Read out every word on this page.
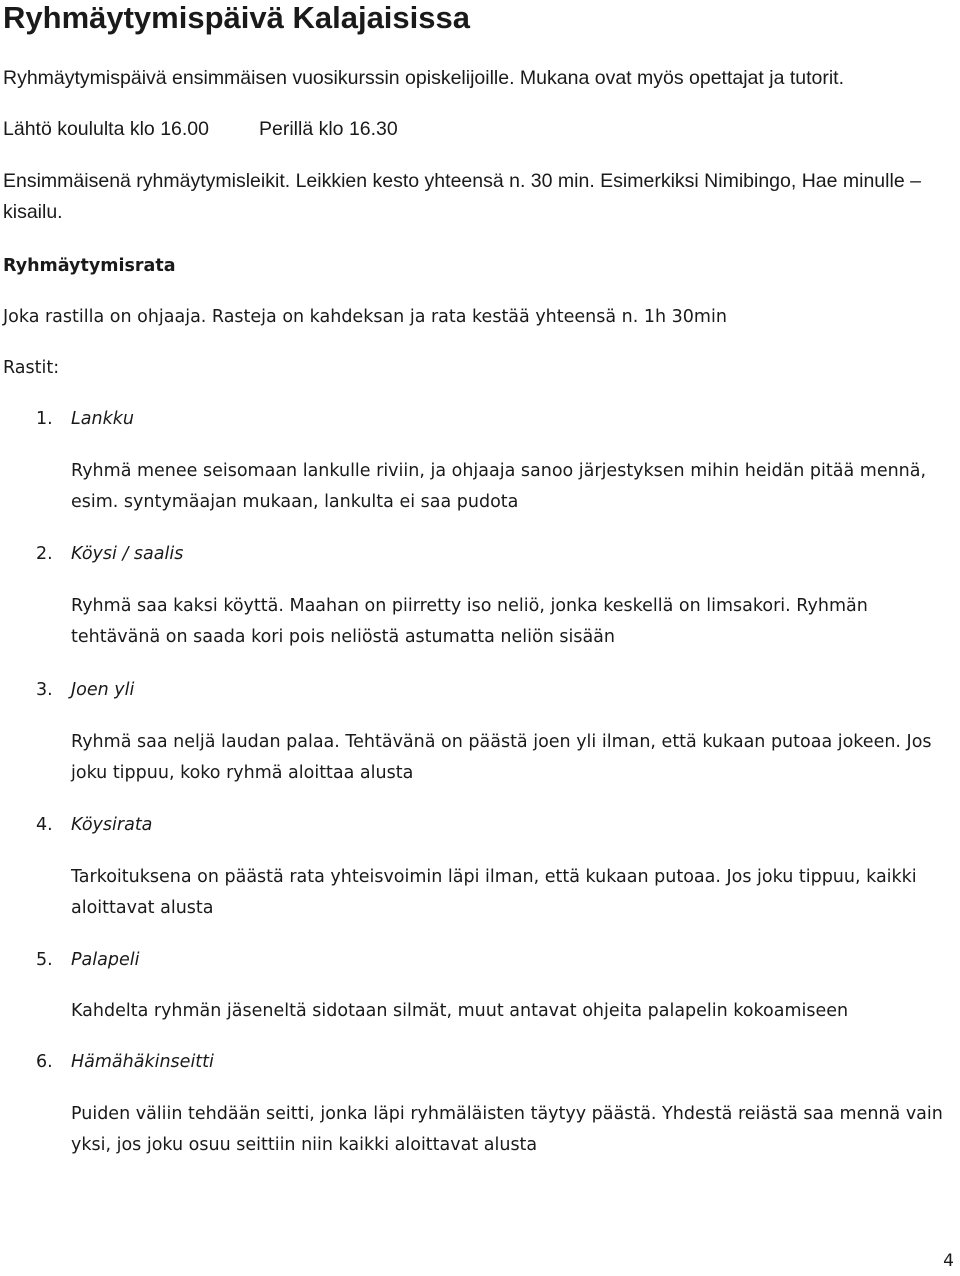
Ryhmäytymispäivä Kalajaisissa

Ryhmäytymispäivä ensimmäisen vuosikurssin opiskelijoille. Mukana ovat myös opettajat ja tutorit.

Lähtö koululta klo 16.00	Perillä klo 16.30

Ensimmäisenä ryhmäytymisleikit. Leikkien kesto yhteensä n. 30 min. Esimerkiksi Nimibingo, Hae minulle – kisailu.

Ryhmäytymisrata

Joka rastilla on ohjaaja. Rasteja on kahdeksan ja rata kestää yhteensä n. 1h 30min

Rastit:

1. Lankku

Ryhmä menee seisomaan lankulle riviin, ja ohjaaja sanoo järjestyksen mihin heidän pitää mennä, esim. syntymäajan mukaan, lankulta ei saa pudota

2. Köysi / saalis

Ryhmä saa kaksi köyttä. Maahan on piirretty iso neliö, jonka keskellä on limsakori. Ryhmän tehtävänä on saada kori pois neliöstä astumatta neliön sisään

3. Joen yli

Ryhmä saa neljä laudan palaa. Tehtävänä on päästä joen yli ilman, että kukaan putoaa jokeen. Jos joku tippuu, koko ryhmä aloittaa alusta

4. Köysirata

Tarkoituksena on päästä rata yhteisvoimin läpi ilman, että kukaan putoaa. Jos joku tippuu, kaikki aloittavat alusta

5. Palapeli

Kahdelta ryhmän jäseneltä sidotaan silmät, muut antavat ohjeita palapelin kokoamiseen

6. Hämähäkinseitti

Puiden väliin tehdään seitti, jonka läpi ryhmäläisten täytyy päästä. Yhdestä reiästä saa mennä vain yksi, jos joku osuu seittiin niin kaikki aloittavat alusta

4
